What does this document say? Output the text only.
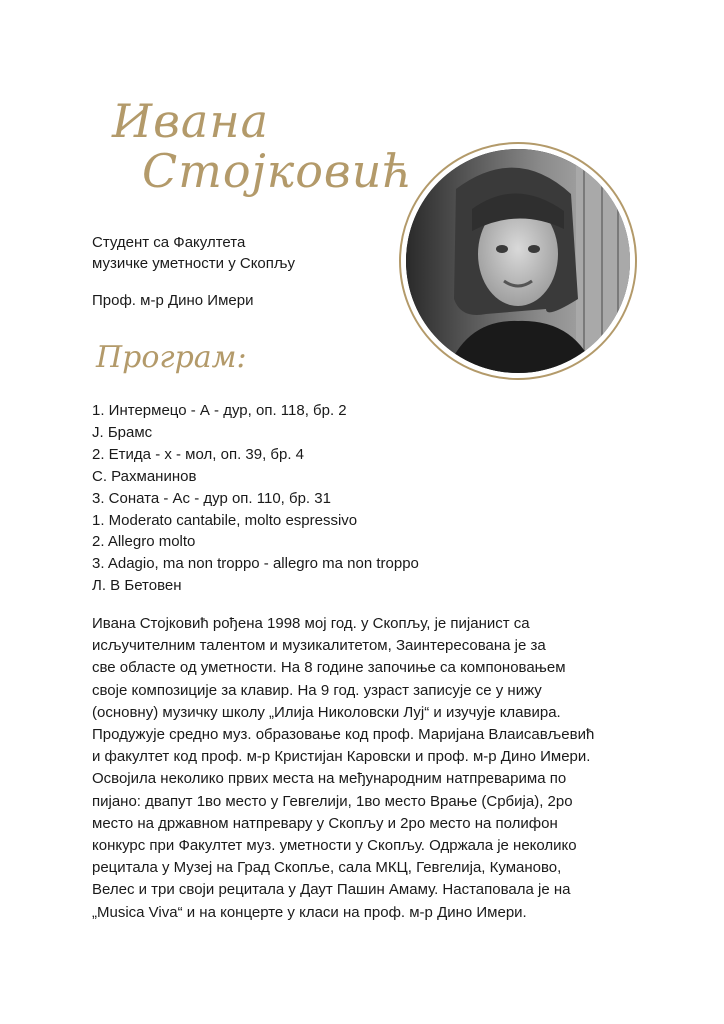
Ивана
Стојковић
Студент са Факултета
музичке уметности у Скопљу
Проф. м-р Дино Имери
Програм:
1. Интермецо - А - дур, оп. 118, бр. 2
Ј. Брамс
2. Етида - х - мол, оп. 39, бр. 4
С. Рахманинов
3. Соната - Ас - дур оп. 110, бр. 31
1. Moderato cantabile, molto espressivo
2. Allegro molto
3. Adagio, ma non troppo - allegro ma non troppo
Л. В Бетовен

Ивана Стојковић рођена 1998 мој год. у Скопљу, је пијанист са
исључителним талентом и музикалитетом, Заинтересована је за
све областе од уметности. На 8 године започиње са компоновањем
своје композиције за клавир. На 9 год. узраст записује се у нижу
(основну) музичку школу „Илија Николовски Луј“ и изучује клавира.
Продужује средно муз. образовање код проф. Маријана Влаисављевић
и факултет код проф. м-р Кристијан Каровски и проф. м-р Дино Имери.
Освојила неколико првих места на међународним натпреварима по
пијано: двапут 1во место у Гевгелији, 1во место Врање (Србија), 2ро
место на државном натпревару у Скопљу и 2ро место на полифон
конкурс при Факултет муз. уметности у Скопљу. Одржала је неколико
рецитала у Музеј на Град Скопље, сала МКЦ, Гевгелија, Куманово,
Велес и три своји рецитала у Даут Пашин Амаму. Настаповала је на
„Musica Viva“ и на концерте у класи на проф. м-р Дино Имери.
